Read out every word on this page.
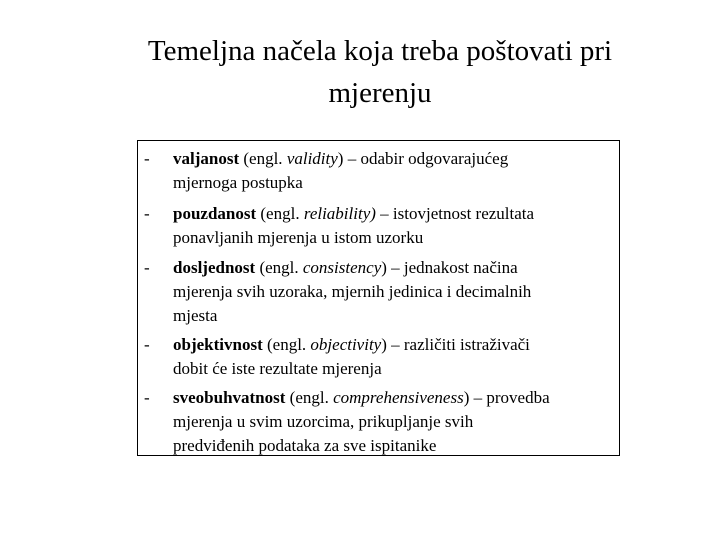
Temeljna načela koja treba poštovati pri
mjerenju
- valjanost (engl. validity) – odabir odgovarajućeg
mjernoga postupka
- pouzdanost (engl. reliability) – istovjetnost rezultata
ponavljanih mjerenja u istom uzorku
- dosljednost (engl. consistency) – jednakost načina
mjerenja svih uzoraka, mjernih jedinica i decimalnih
mjesta
- objektivnost (engl. objectivity) – različiti istraživači
dobit će iste rezultate mjerenja
- sveobuhvatnost (engl. comprehensiveness) – provedba
mjerenja u svim uzorcima, prikupljanje svih
predviđenih podataka za sve ispitanike
